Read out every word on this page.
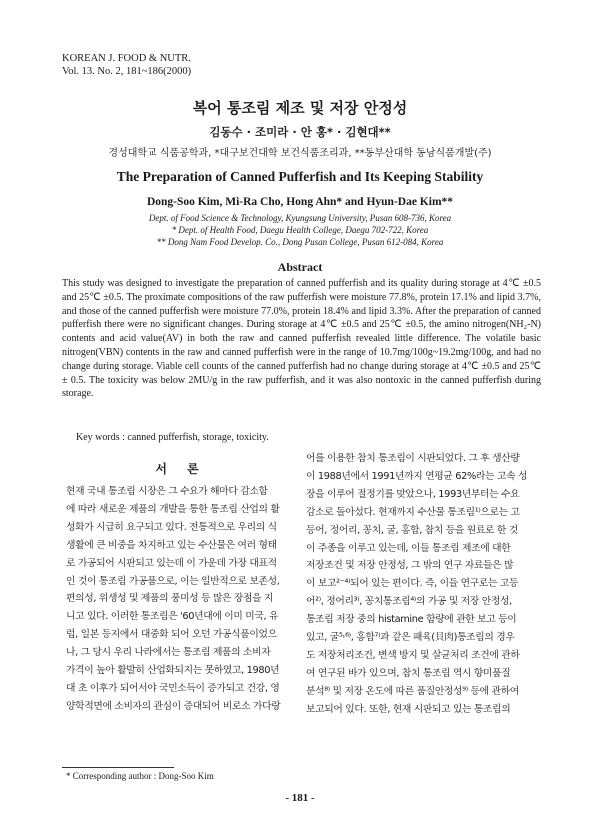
KOREAN J. FOOD & NUTR.
Vol. 13. No. 2, 181~186(2000)
복어 통조림 제조 및 저장 안정성
김동수 · 조미라 · 안 홍* · 김현대**
경성대학교 식품공학과, *대구보건대학 보건식품조리과, **동부산대학 동남식품개발(주)
The Preparation of Canned Pufferfish and Its Keeping Stability
Dong-Soo Kim, Mi-Ra Cho, Hong Ahn* and Hyun-Dae Kim**
Dept. of Food Science & Technology, Kyungsung University, Pusan 608-736, Korea
* Dept. of Health Food, Daegu Health College, Daegu 702-722, Korea
** Dong Nam Food Develop. Co., Dong Pusan College, Pusan 612-084, Korea
Abstract
This study was designed to investigate the preparation of canned pufferfish and its quality during storage at 4℃ ±0.5 and 25℃ ±0.5. The proximate compositions of the raw pufferfish were moisture 77.8%, protein 17.1% and lipid 3.7%, and those of the canned pufferfish were moisture 77.0%, protein 18.4% and lipid 3.3%. After the preparation of canned pufferfish there were no significant changes. During storage at 4℃ ±0.5 and 25℃ ±0.5, the amino nitrogen(NH₂-N) contents and acid value(AV) in both the raw and canned pufferfish revealed little difference. The volatile basic nitrogen(VBN) contents in the raw and canned pufferfish were in the range of 10.7mg/100g~19.2mg/100g, and had no change during storage. Viable cell counts of the canned pufferfish had no change during storage at 4℃ ±0.5 and 25℃ ± 0.5. The toxicity was below 2MU/g in the raw pufferfish, and it was also nontoxic in the canned pufferfish during storage.
Key words : canned pufferfish, storage, toxicity.
서 론
현재 국내 통조림 시장은 그 수요가 해마다 감소함
에 따라 새로운 제품의 개발을 통한 통조림 산업의 활
성화가 시급히 요구되고 있다. 전통적으로 우리의 식
생활에 큰 비중을 차지하고 있는 수산물은 여러 형태
로 가공되어 시판되고 있는데 이 가운데 가장 대표적
인 것이 통조림 가공품으로, 이는 일반적으로 보존성,
편의성, 위생성 및 제품의 풍미성 등 많은 장점을 지
니고 있다. 이러한 통조림은 '60년대에 이미 미국, 유
럽, 일본 등지에서 대중화 되어 오던 가공식품이었으
나, 그 당시 우리 나라에서는 통조림 제품의 소비자
가격이 높아 활발히 산업화되지는 못하였고, 1980년
대 초 이후가 되어서야 국민소득이 증가되고 건강, 영
양학적면에 소비자의 관심이 증대되어 비로소 가다랑
어를 이용한 참치 통조림이 시판되었다. 그 후 생산량
이 1988년에서 1991년까지 연평균 62%라는 고속 성
장을 이루어 절정기를 맞았으나, 1993년부터는 수요
감소로 돌아섰다. 현재까지 수산물 통조림¹⁾으로는 고
등어, 정어리, 꽁치, 굴, 홍합, 참치 등을 원료로 한 것
이 주종을 이루고 있는데, 이들 통조림 제조에 대한
저장조건 및 저장 안정성, 그 밖의 연구 자료들은 많
이 보고²⁻⁴⁾되어 있는 편이다. 즉, 이들 연구로는 고등
어²⁾, 정어리³⁾, 꽁치통조림⁴⁾의 가공 및 저장 안정성,
통조림 저장 중의 histamine 함량에 관한 보고 등이
있고, 굴⁵˒⁶⁾, 홍합⁷⁾과 같은 패육(貝肉)통조림의 경우
도 저장처리조건, 변색 방지 및 살균처리 조건에 관하
여 연구된 바가 있으며, 참치 통조림 역시 향미품질
분석⁸⁾ 및 저장 온도에 따른 품질안정성⁹⁾ 등에 관하여
보고되어 있다. 또한, 현재 시판되고 있는 통조림의
* Corresponding author : Dong-Soo Kim
- 181 -
